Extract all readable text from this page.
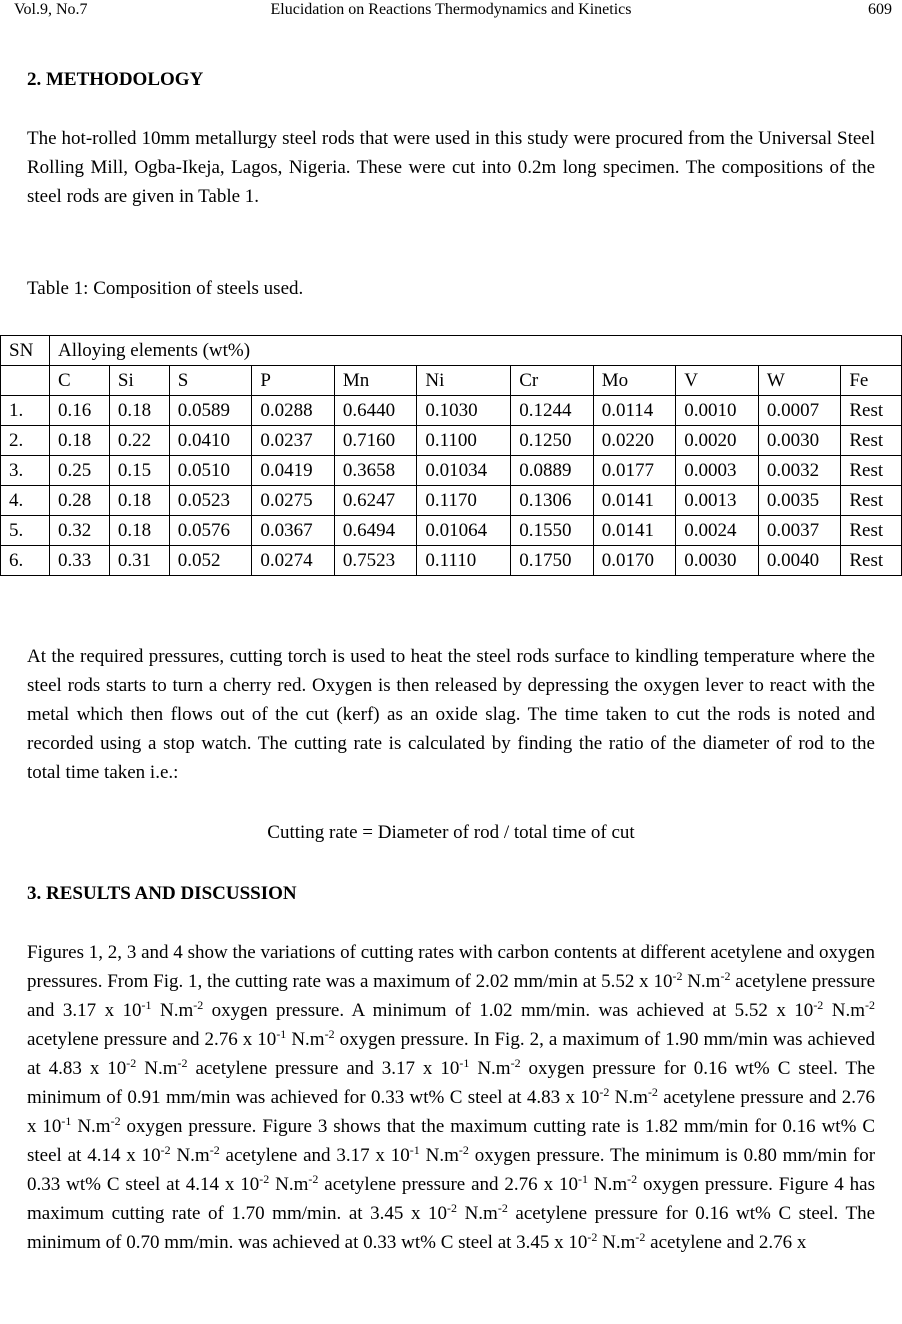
Elucidation on Reactions Thermodynamics and Kinetics
Vol.9, No.7	609
2. METHODOLOGY

The hot-rolled 10mm metallurgy steel rods that were used in this study were procured from the Universal Steel Rolling Mill, Ogba-Ikeja, Lagos, Nigeria. These were cut into 0.2m long specimen. The compositions of the steel rods are given in Table 1.

Table 1: Composition of steels used.

SN	Alloying elements (wt%)										
	C	Si	S	P	Mn	Ni	Cr	Mo	V	W	Fe
1.	0.16	0.18	0.0589	0.0288	0.6440	0.1030	0.1244	0.0114	0.0010	0.0007	Rest
2.	0.18	0.22	0.0410	0.0237	0.7160	0.1100	0.1250	0.0220	0.0020	0.0030	Rest
3.	0.25	0.15	0.0510	0.0419	0.3658	0.01034	0.0889	0.0177	0.0003	0.0032	Rest
4.	0.28	0.18	0.0523	0.0275	0.6247	0.1170	0.1306	0.0141	0.0013	0.0035	Rest
5.	0.32	0.18	0.0576	0.0367	0.6494	0.01064	0.1550	0.0141	0.0024	0.0037	Rest
6.	0.33	0.31	0.052	0.0274	0.7523	0.1110	0.1750	0.0170	0.0030	0.0040	Rest

At the required pressures, cutting torch is used to heat the steel rods surface to kindling temperature where the steel rods starts to turn a cherry red. Oxygen is then released by depressing the oxygen lever to react with the metal which then flows out of the cut (kerf) as an oxide slag. The time taken to cut the rods is noted and recorded using a stop watch. The cutting rate is calculated by finding the ratio of the diameter of rod to the total time taken i.e.:

Cutting rate = Diameter of rod / total time of cut

3. RESULTS AND DISCUSSION

Figures 1, 2, 3 and 4 show the variations of cutting rates with carbon contents at different acetylene and oxygen pressures. From Fig. 1, the cutting rate was a maximum of 2.02 mm/min at 5.52 x $10^{-2}$ $N.m^{-2}$ acetylene pressure and 3.17 x $10^{-1}$ $N.m^{-2}$ oxygen pressure. A minimum of 1.02 mm/min. was achieved at 5.52 x $10^{-2}$ $N.m^{-2}$ acetylene pressure and 2.76 x $10^{-1}$ $N.m^{-2}$ oxygen pressure. In Fig. 2, a maximum of 1.90 mm/min was achieved at 4.83 x $10^{-2}$ $N.m^{-2}$ acetylene pressure and 3.17 x $10^{-1}$ $N.m^{-2}$ oxygen pressure for 0.16 wt% C steel. The minimum of 0.91 mm/min was achieved for 0.33 wt% C steel at 4.83 x $10^{-2}$ $N.m^{-2}$ acetylene pressure and 2.76 x $10^{-1}$ $N.m^{-2}$ oxygen pressure. Figure 3 shows that the maximum cutting rate is 1.82 mm/min for 0.16 wt% C steel at 4.14 x $10^{-2}$ $N.m^{-2}$ acetylene and 3.17 x $10^{-1}$ $N.m^{-2}$ oxygen pressure. The minimum is 0.80 mm/min for 0.33 wt% C steel at 4.14 x $10^{-2}$ $N.m^{-2}$ acetylene pressure and 2.76 x $10^{-1}$ $N.m^{-2}$ oxygen pressure. Figure 4 has maximum cutting rate of 1.70 mm/min. at 3.45 x $10^{-2}$ $N.m^{-2}$ acetylene pressure for 0.16 wt% C steel. The minimum of 0.70 mm/min. was achieved at 0.33 wt% C steel at 3.45 x $10^{-2}$ $N.m^{-2}$ acetylene and 2.76 x
